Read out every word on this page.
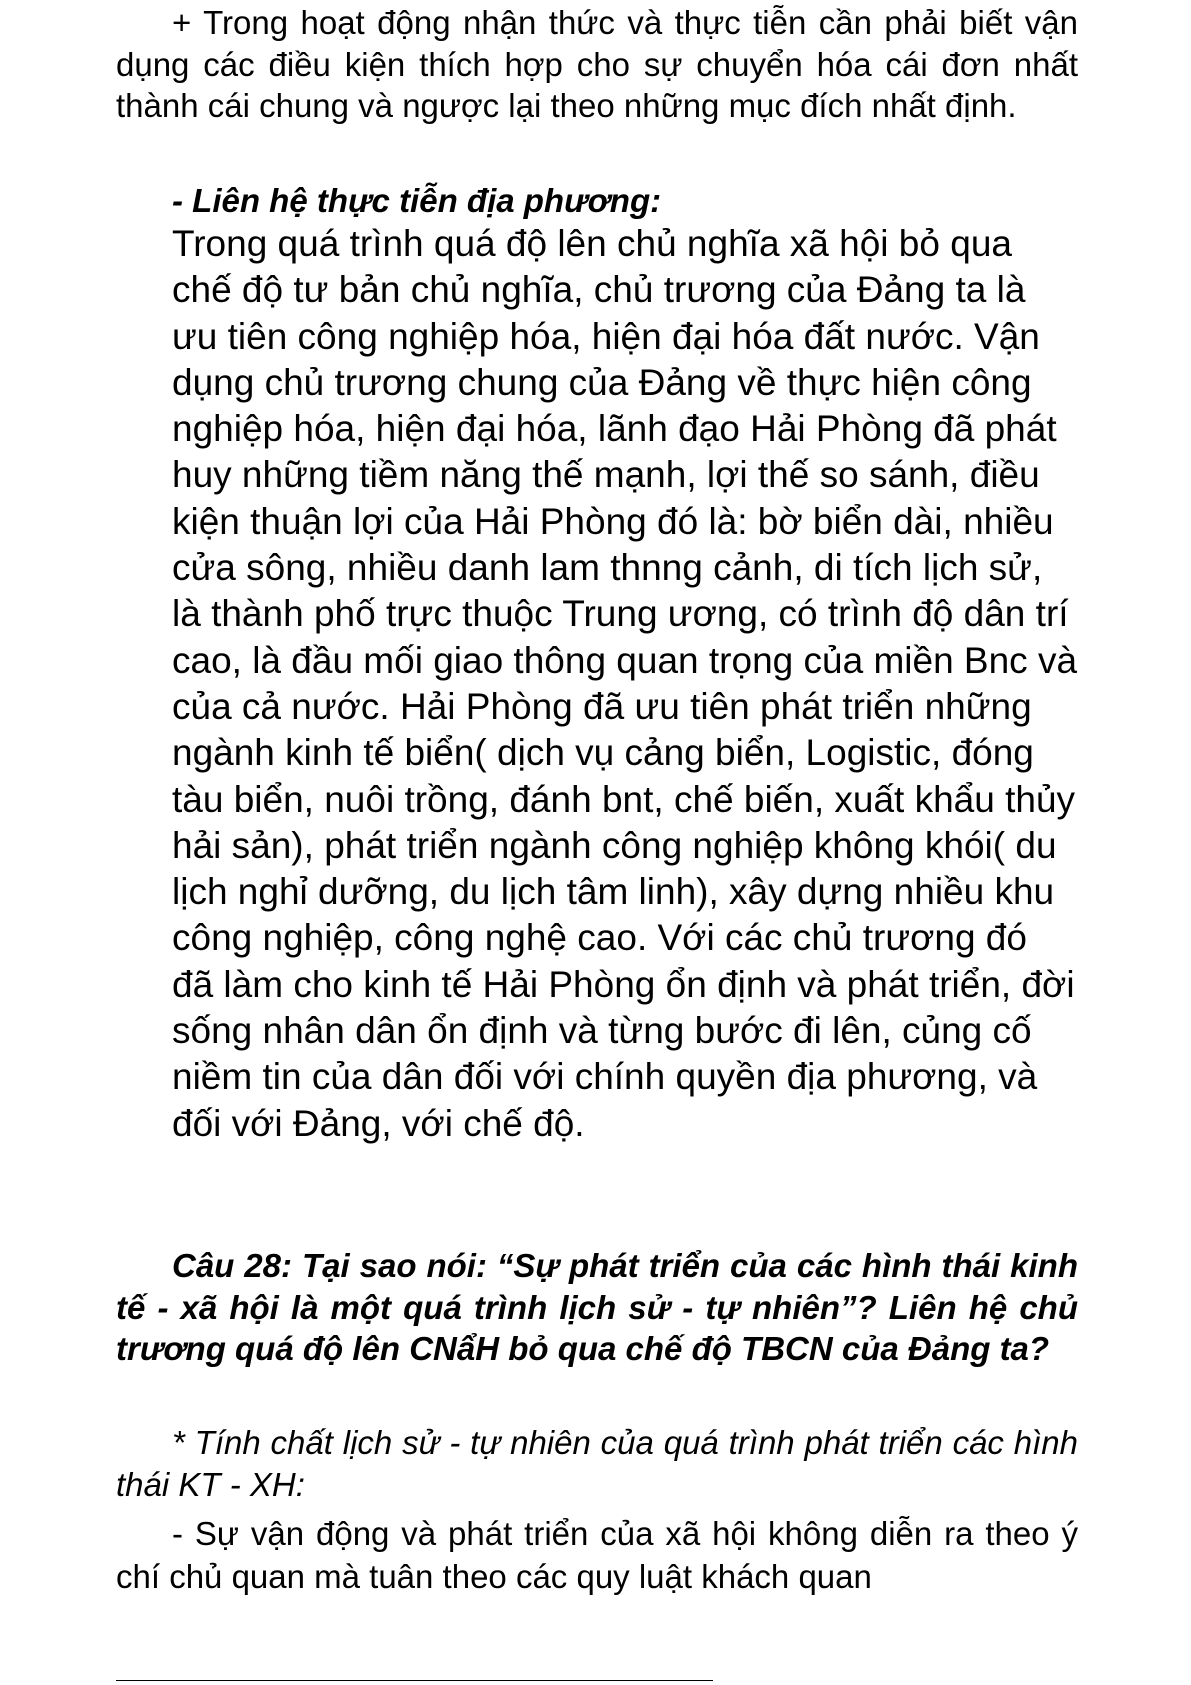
+ Trong hoạt động nhận thức và thực tiễn cần phải biết vận dụng các điều kiện thích hợp cho sự chuyển hóa cái đơn nhất thành cái chung và ngược lại theo những mục đích nhất định.

- Liên hệ thực tiễn địa phương:

Trong quá trình quá độ lên chủ nghĩa xã hội bỏ qua chế độ tư bản chủ nghĩa, chủ trương của Đảng ta là ưu tiên công nghiệp hóa, hiện đại hóa đất nước. Vận dụng chủ trương chung của Đảng về thực hiện công nghiệp hóa, hiện đại hóa, lãnh đạo Hải Phòng đã phát huy những tiềm năng thế mạnh, lợi thế so sánh, điều kiện thuận lợi của Hải Phòng đó là: bờ biển dài, nhiều cửa sông, nhiều danh lam thnng cảnh, di tích lịch sử, là thành phố trực thuộc Trung ương, có trình độ dân trí cao, là đầu mối giao thông quan trọng của miền Bnc và của cả nước. Hải Phòng đã ưu tiên phát triển những ngành kinh tế biển( dịch vụ cảng biển, Logistic, đóng tàu biển, nuôi trồng, đánh bnt, chế biến, xuất khẩu thủy hải sản), phát triển ngành công nghiệp không khói( du lịch nghỉ dưỡng, du lịch tâm linh), xây dựng nhiều khu công nghiệp, công nghệ cao. Với các chủ trương đó đã làm cho kinh tế Hải Phòng ổn định và phát triển, đời sống nhân dân ổn định và từng bước đi lên, củng cố niềm tin của dân đối với chính quyền địa phương, và đối với Đảng, với chế độ.

Câu 28: Tại sao nói: “Sự phát triển của các hình thái kinh tế - xã hội là một quá trình lịch sử - tự nhiên”? Liên hệ chủ trương quá độ lên CNẩH bỏ qua chế độ TBCN của Đảng ta?

* Tính chất lịch sử - tự nhiên của quá trình phát triển các hình thái KT - XH:

- Sự vận động và phát triển của xã hội không diễn ra theo ý chí chủ quan mà tuân theo các quy luật khách quan
